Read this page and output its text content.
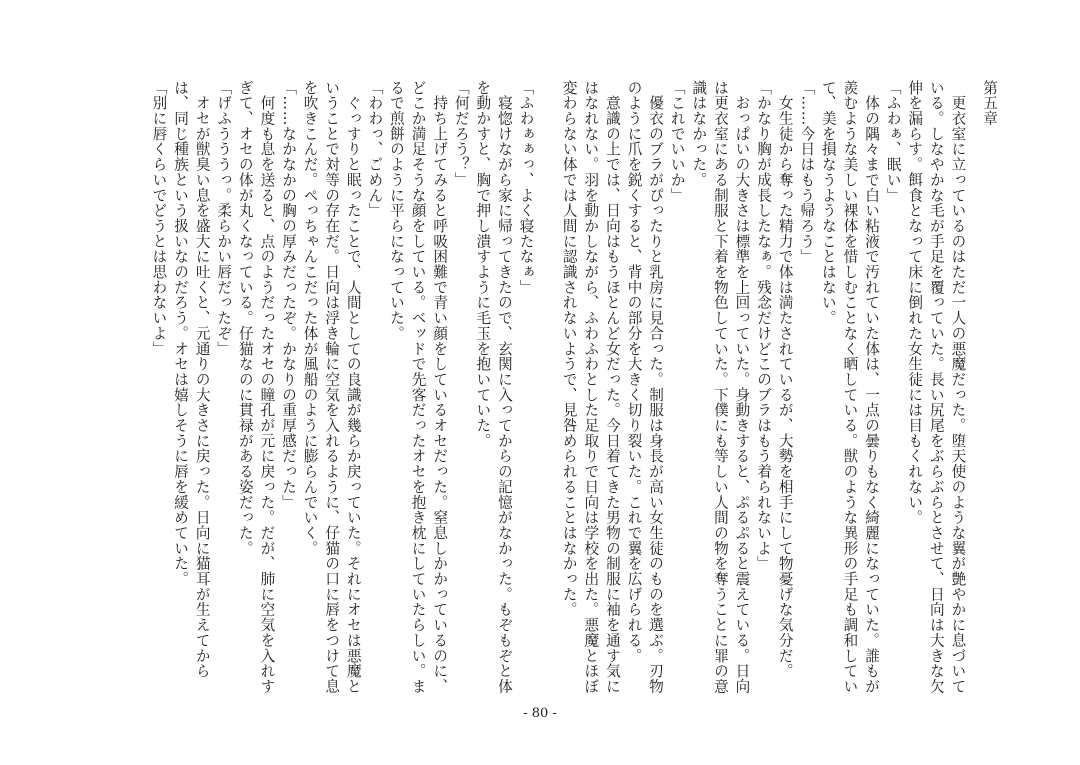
第五章
　更衣室に立っているのはただ一人の悪魔だった。堕天使のような翼が艶やかに息づいている。しなやかな毛が手足を覆っていた。長い尻尾をぶらぶらとさせて、日向は大きな欠伸を漏らす。餌食となって床に倒れた女生徒には目もくれない。
「ふわぁ、眠い」
　体の隅々まで白い粘液で汚れていた体は、一点の曇りもなく綺麗になっていた。誰もが羨むような美しい裸体を惜しむことなく晒している。獣のような異形の手足も調和していて、美を損なうようなことはない。
「……今日はもう帰ろう」
　女生徒から奪った精力で体は満たされているが、大勢を相手にして物憂げな気分だ。
「かなり胸が成長したなぁ。残念だけどこのブラはもう着られないよ」
　おっぱいの大きさは標準を上回っていた。身動きすると、ぷるぷると震えている。日向は更衣室にある制服と下着を物色していた。下僕にも等しい人間の物を奪うことに罪の意識はなかった。
「これでいいか」
　優衣のブラがぴったりと乳房に見合った。制服は身長が高い女生徒のものを選ぶ。刃物のように爪を鋭くすると、背中の部分を大きく切り裂いた。これで翼を広げられる。
　意識の上では、日向はもうほとんど女だった。今日着てきた男物の制服に袖を通す気にはなれない。羽を動かしながら、ふわふわとした足取りで日向は学校を出た。悪魔とほぼ変わらない体では人間に認識されないようで、見咎められることはなかった。
「ふわぁぁっ、よく寝たなぁ」
　寝惚けながら家に帰ってきたので、玄関に入ってからの記憶がなかった。もぞもぞと体を動かすと、胸で押し潰すように毛玉を抱いていた。
「何だろう？」
　持ち上げてみると呼吸困難で青い顔をしているオセだった。窒息しかかっているのに、どこか満足そうな顔をしている。ベッドで先客だったオセを抱き枕にしていたらしい。まるで煎餅のように平らになっていた。
「わわっ、ごめん」
　ぐっすりと眠ったことで、人間としての良識が幾らか戻っていた。それにオセは悪魔ということで対等の存在だ。日向は浮き輪に空気を入れるように、仔猫の口に唇をつけて息を吹きこんだ。ぺっちゃんこだった体が風船のように膨らんでいく。
「……なかなかの胸の厚みだったぞ。かなりの重厚感だった」
　何度も息を送ると、点のようだったオセの瞳孔が元に戻った。だが、肺に空気を入れすぎて、オセの体が丸くなっている。仔猫なのに貫禄がある姿だった。
「げふうううっ。柔らかい唇だったぞ」
　オセが獣臭い息を盛大に吐くと、元通りの大きさに戻った。日向に猫耳が生えてからは、同じ種族という扱いなのだろう。オセは嬉しそうに唇を緩めていた。
「別に唇くらいでどうとは思わないよ」
- 80 -
